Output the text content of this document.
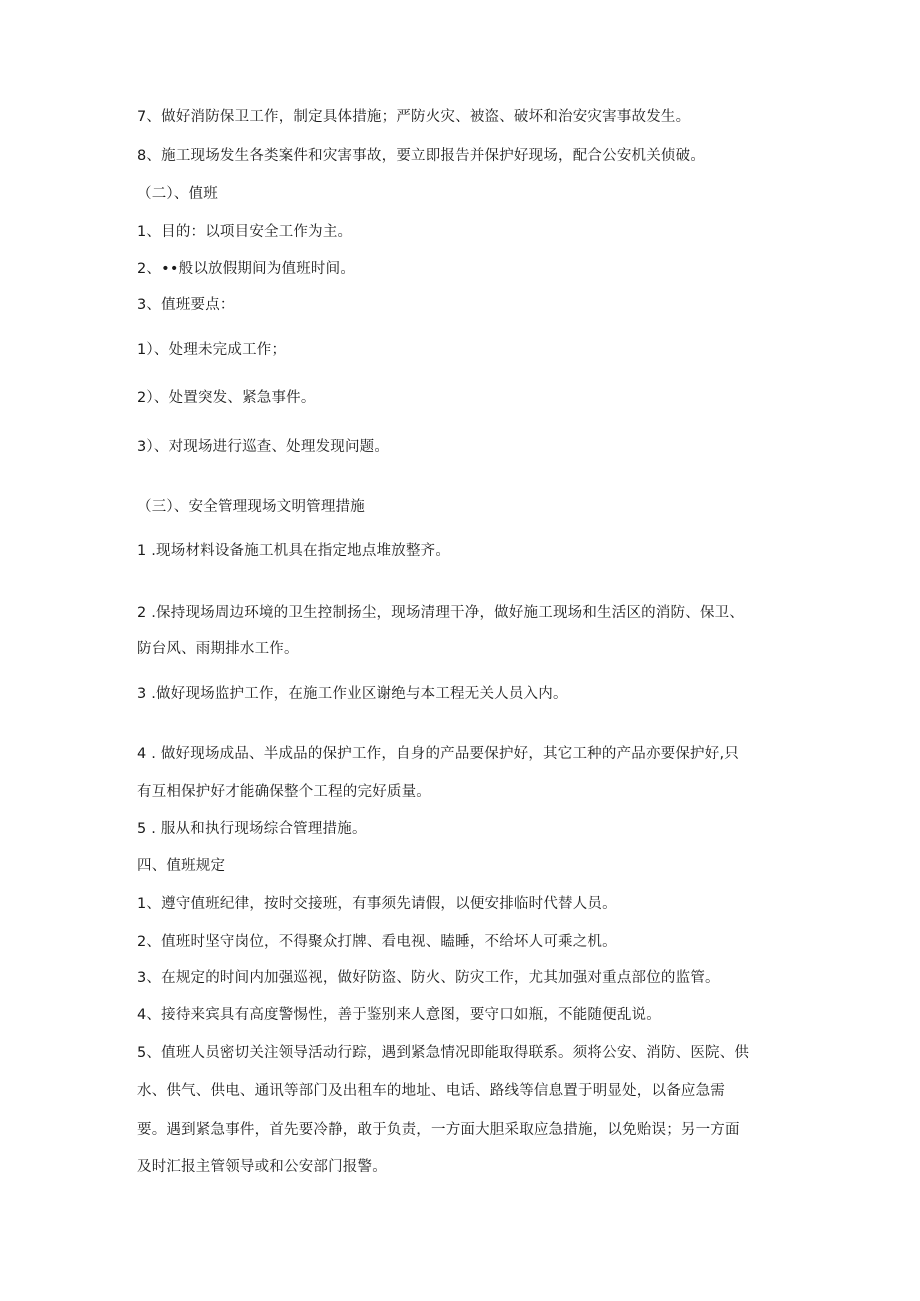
7、做好消防保卫工作，制定具体措施；严防火灾、被盗、破坏和治安灾害事故发生。
8、施工现场发生各类案件和灾害事故，要立即报告并保护好现场，配合公安机关侦破。
（二）、值班
1、目的：以项目安全工作为主。
2、••般以放假期间为值班时间。
3、值班要点：
1）、处理未完成工作；
2）、处置突发、紧急事件。
3）、对现场进行巡查、处理发现问题。
（三）、安全管理现场文明管理措施
1 .现场材料设备施工机具在指定地点堆放整齐。
2 .保持现场周边环境的卫生控制扬尘，现场清理干净，做好施工现场和生活区的消防、保卫、
防台风、雨期排水工作。
3 .做好现场监护工作，在施工作业区谢绝与本工程无关人员入内。
4 . 做好现场成品、半成品的保护工作，自身的产品要保护好，其它工种的产品亦要保护好,只
有互相保护好才能确保整个工程的完好质量。
5 . 服从和执行现场综合管理措施。
四、值班规定
1、遵守值班纪律，按时交接班，有事须先请假，以便安排临时代替人员。
2、值班时坚守岗位，不得聚众打牌、看电视、瞌睡，不给坏人可乘之机。
3、在规定的时间内加强巡视，做好防盗、防火、防灾工作，尤其加强对重点部位的监管。
4、接待来宾具有高度警惕性，善于鉴别来人意图，要守口如瓶，不能随便乱说。
5、值班人员密切关注领导活动行踪，遇到紧急情况即能取得联系。须将公安、消防、医院、供
水、供气、供电、通讯等部门及出租车的地址、电话、路线等信息置于明显处，以备应急需
要。遇到紧急事件，首先要冷静，敢于负责，一方面大胆采取应急措施，以免贻误；另一方面
及时汇报主管领导或和公安部门报警。
